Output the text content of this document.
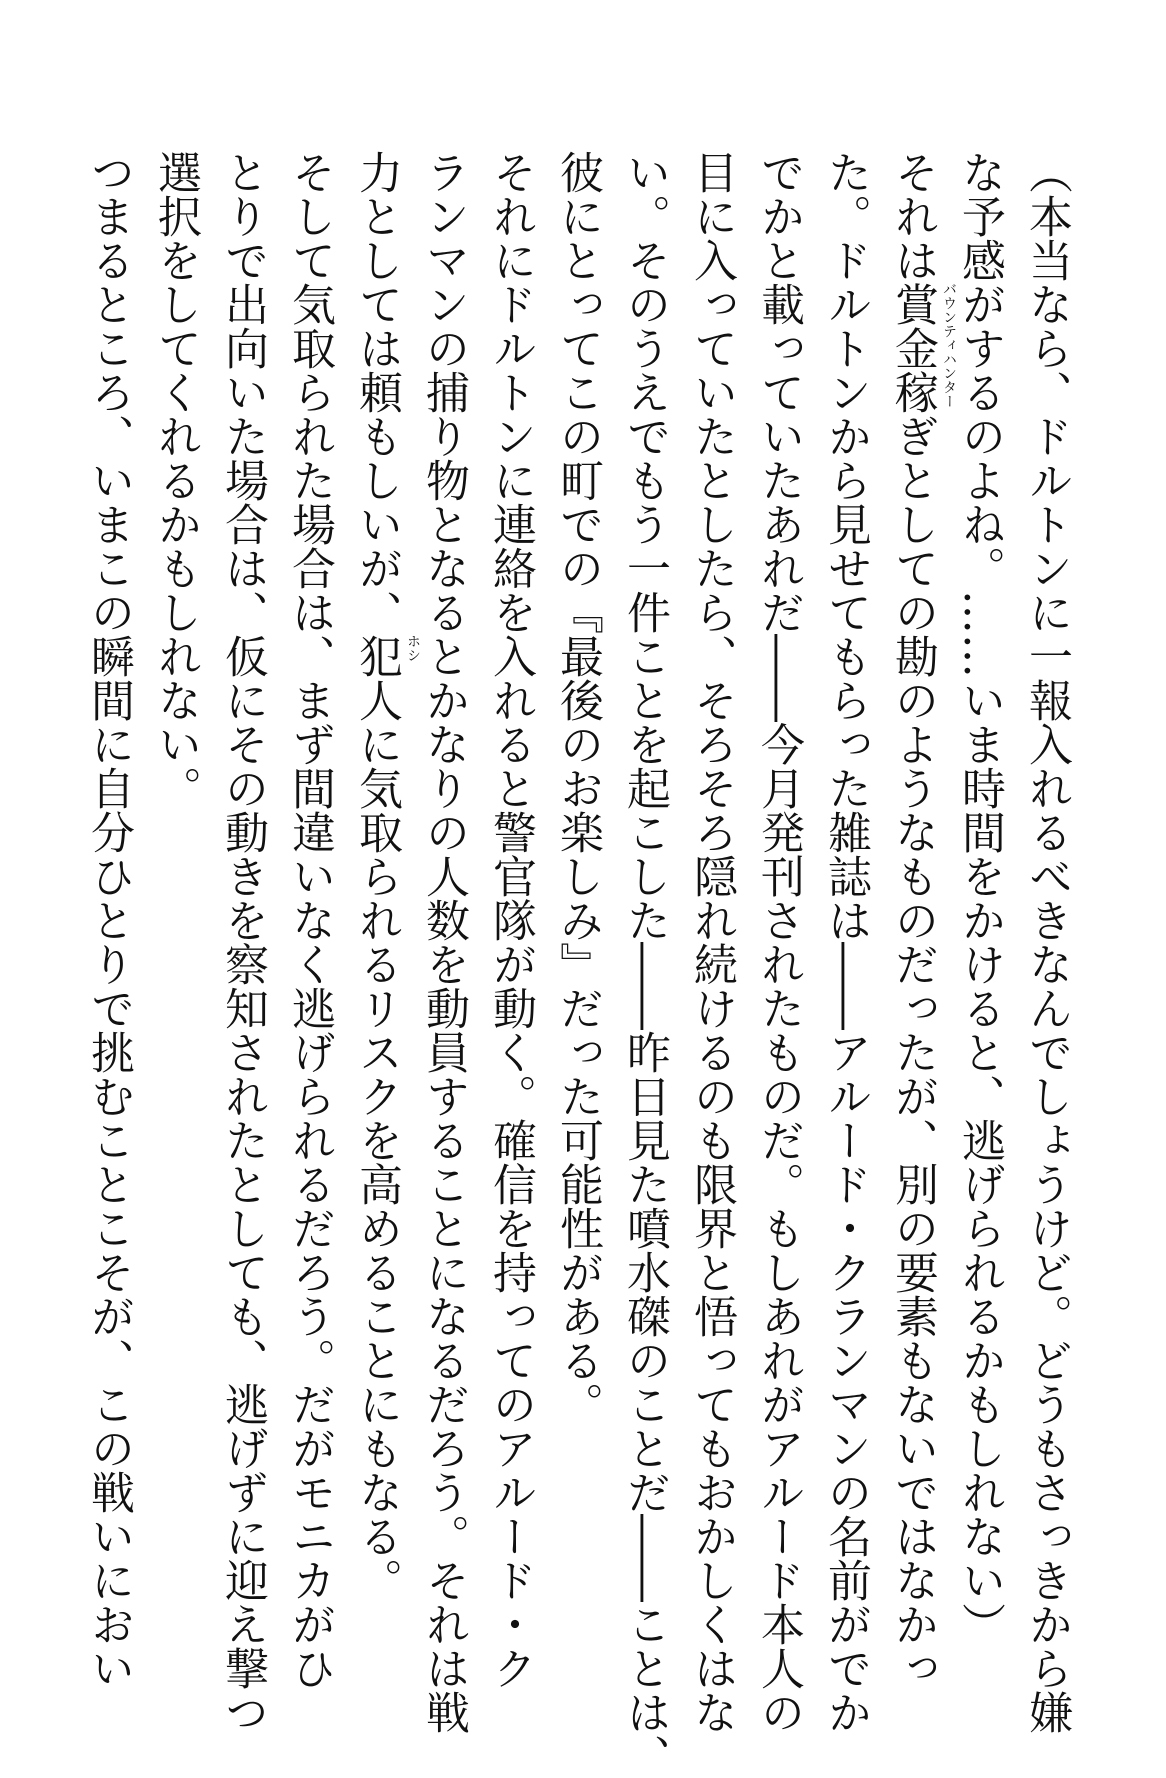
（本当なら、ドルトンに一報入れるべきなんでしょうけど。どうもさっきから嫌

な予感がするのよね。……いま時間をかけると、逃げられるかもしれない）

それは賞金稼ぎ バウンティハンター
としての勘のようなものだったが、別の要素もないではなかっ

た。ドルトンから見せてもらった雑誌は――アルード・クランマンの名前がでか

でかと載っていたあれだ――今月発刊されたものだ。もしあれがアルード本人の

目に入っていたとしたら、そろそろ隠れ続けるのも限界と悟ってもおかしくはな

い。そのうえでもう一件ことを起こした――昨日見た噴水磔のことだ――ことは、

彼にとってこの町での『最後のお楽しみ』だった可能性がある。

それにドルトンに連絡を入れると警官隊が動く。確信を持ってのアルード・ク

ランマンの捕り物となるとかなりの人数を動員することになるだろう。それは戦

力としては頼もしいが、犯人 ホシ
に気取られるリスクを高めることにもなる。

そして気取られた場合は、まず間違いなく逃げられるだろう。だがモニカがひ

とりで出向いた場合は、仮にその動きを察知されたとしても、逃げずに迎え撃つ

選択をしてくれるかもしれない。

つまるところ、いまこの瞬間に自分ひとりで挑むことこそが、この戦いにおい
